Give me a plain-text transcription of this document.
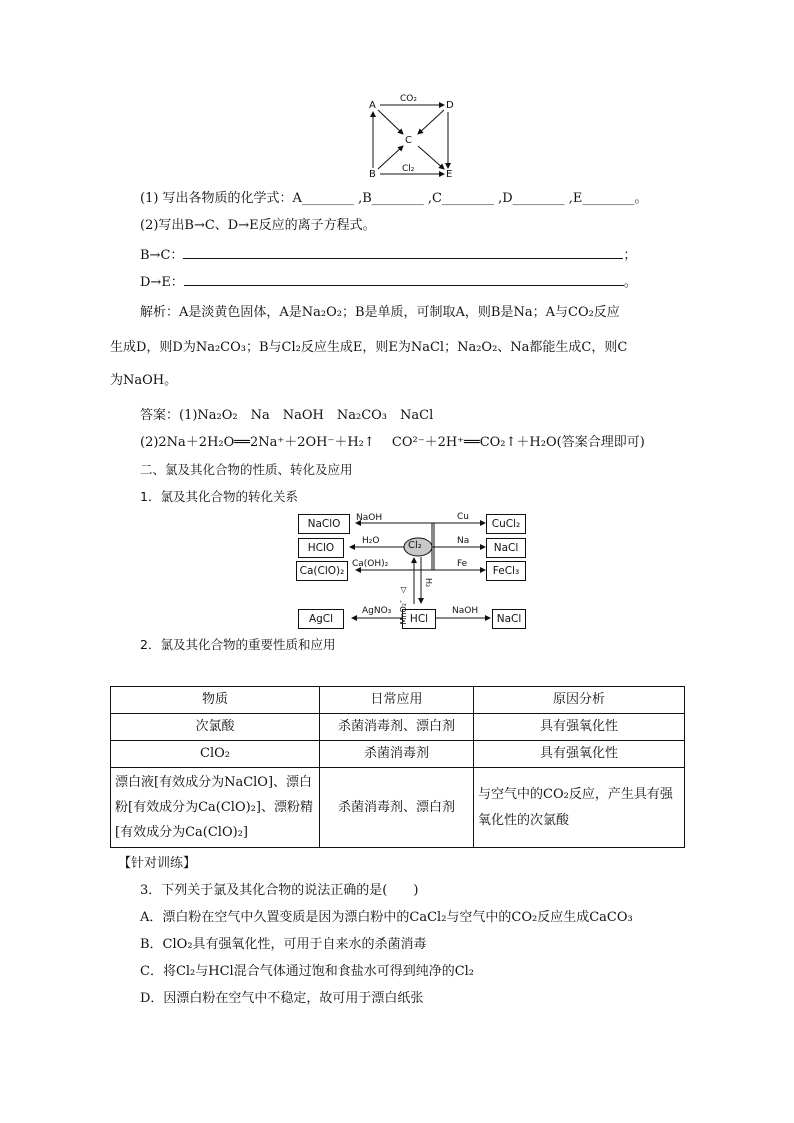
A	D
C
B	E
CO₂
Cl₂
(1) 写出各物质的化学式：A________ ,B________ ,C________ ,D________ ,E________。
(2)写出B→C、D→E反应的离子方程式。
B→C：	；
D→E：	。
解析：A是淡黄色固体，A是Na₂O₂；B是单质，可制取A，则B是Na；A与CO₂反应
生成D，则D为Na₂CO₃；B与Cl₂反应生成E，则E为NaCl；Na₂O₂、Na都能生成C，则C
为NaOH。
答案：(1)Na₂O₂　Na　NaOH　Na₂CO₃　NaCl
(2)2Na＋2H₂O══2Na⁺＋2OH⁻＋H₂↑　 CO²⁻＋2H⁺══CO₂↑＋H₂O(答案合理即可)
二、氯及其化合物的性质、转化及应用
1．氯及其化合物的转化关系
Cl₂
NaClO
HClO
Ca(ClO)₂
NaOH
H₂O
Ca(OH)₂
CuCl₂
NaCl
FeCl₃
Cu
Na
Fe
MnO₂，△
H₂
AgCl	HCl	NaCl
AgNO₃	NaOH
2．氯及其化合物的重要性质和应用
物质	日常应用	原因分析
次氯酸	杀菌消毒剂、漂白剂	具有强氧化性
ClO₂	杀菌消毒剂	具有强氧化性
漂白液[有效成分为NaClO]、漂白粉[有效成分为Ca(ClO)₂]、漂粉精[有效成分为Ca(ClO)₂]	杀菌消毒剂、漂白剂	与空气中的CO₂反应，产生具有强氧化性的次氯酸
【针对训练】
3．下列关于氯及其化合物的说法正确的是(　　)
A．漂白粉在空气中久置变质是因为漂白粉中的CaCl₂与空气中的CO₂反应生成CaCO₃
B．ClO₂具有强氧化性，可用于自来水的杀菌消毒
C．将Cl₂与HCl混合气体通过饱和食盐水可得到纯净的Cl₂
D．因漂白粉在空气中不稳定，故可用于漂白纸张
